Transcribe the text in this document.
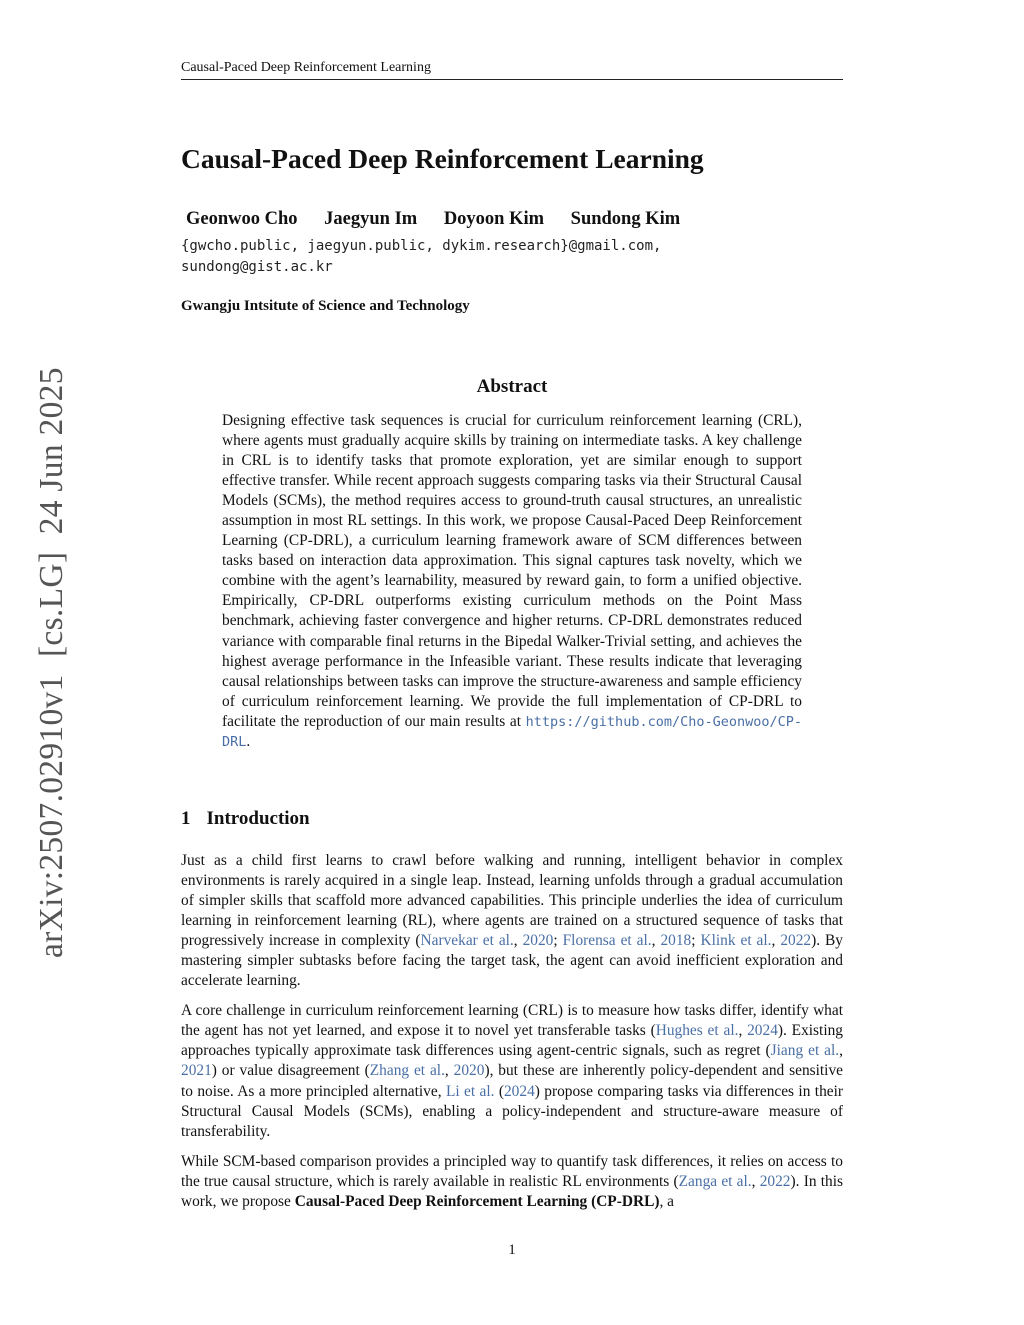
Causal-Paced Deep Reinforcement Learning
arXiv:2507.02910v1  [cs.LG]  24 Jun 2025
Causal-Paced Deep Reinforcement Learning
Geonwoo Cho Jaegyun Im Doyoon Kim Sundong Kim
{gwcho.public, jaegyun.public, dykim.research}@gmail.com,
sundong@gist.ac.kr
Gwangju Intsitute of Science and Technology
Abstract
Designing effective task sequences is crucial for curriculum reinforcement learning (CRL), where agents must gradually acquire skills by training on intermediate tasks. A key challenge in CRL is to identify tasks that promote exploration, yet are similar enough to support effective transfer. While recent approach suggests comparing tasks via their Structural Causal Models (SCMs), the method requires access to ground-truth causal structures, an unrealistic assumption in most RL settings. In this work, we propose Causal-Paced Deep Reinforcement Learning (CP-DRL), a curriculum learning framework aware of SCM differences between tasks based on interaction data approximation. This signal captures task novelty, which we combine with the agent’s learnability, measured by reward gain, to form a unified objective. Empirically, CP-DRL outperforms existing curriculum methods on the Point Mass benchmark, achieving faster convergence and higher returns. CP-DRL demonstrates reduced variance with comparable final returns in the Bipedal Walker-Trivial setting, and achieves the highest average performance in the Infeasible variant. These results indicate that leveraging causal relationships between tasks can improve the structure-awareness and sample efficiency of curriculum reinforcement learning. We provide the full implementation of CP-DRL to facilitate the reproduction of our main results at https://github.com/Cho-Geonwoo/CP-DRL.
1 Introduction

Just as a child first learns to crawl before walking and running, intelligent behavior in complex environments is rarely acquired in a single leap. Instead, learning unfolds through a gradual accumulation of simpler skills that scaffold more advanced capabilities. This principle underlies the idea of curriculum learning in reinforcement learning (RL), where agents are trained on a structured sequence of tasks that progressively increase in complexity (Narvekar et al., 2020; Florensa et al., 2018; Klink et al., 2022). By mastering simpler subtasks before facing the target task, the agent can avoid inefficient exploration and accelerate learning.

A core challenge in curriculum reinforcement learning (CRL) is to measure how tasks differ, identify what the agent has not yet learned, and expose it to novel yet transferable tasks (Hughes et al., 2024). Existing approaches typically approximate task differences using agent-centric signals, such as regret (Jiang et al., 2021) or value disagreement (Zhang et al., 2020), but these are inherently policy-dependent and sensitive to noise. As a more principled alternative, Li et al. (2024) propose comparing tasks via differences in their Structural Causal Models (SCMs), enabling a policy-independent and structure-aware measure of transferability.

While SCM-based comparison provides a principled way to quantify task differences, it relies on access to the true causal structure, which is rarely available in realistic RL environments (Zanga et al., 2022). In this work, we propose Causal-Paced Deep Reinforcement Learning (CP-DRL), a

1
